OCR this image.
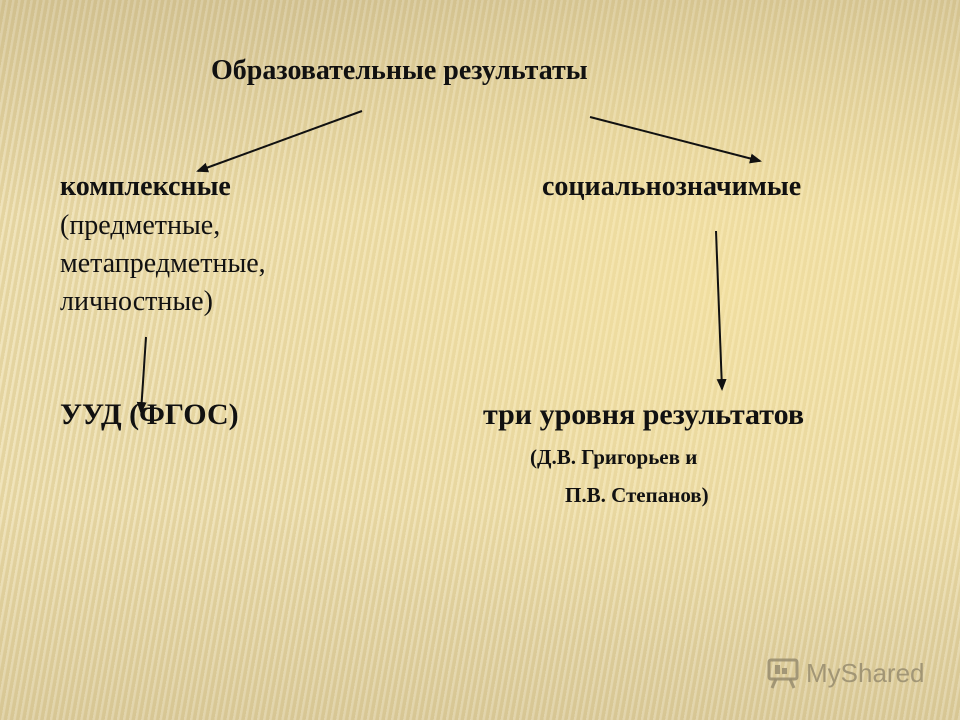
Образовательные результаты
комплексные
(предметные,
метапредметные,
личностные)
социальнозначимые
УУД (ФГОС)	три уровня результатов
(Д.В. Григорьев и
П.В. Степанов)
MyShared
